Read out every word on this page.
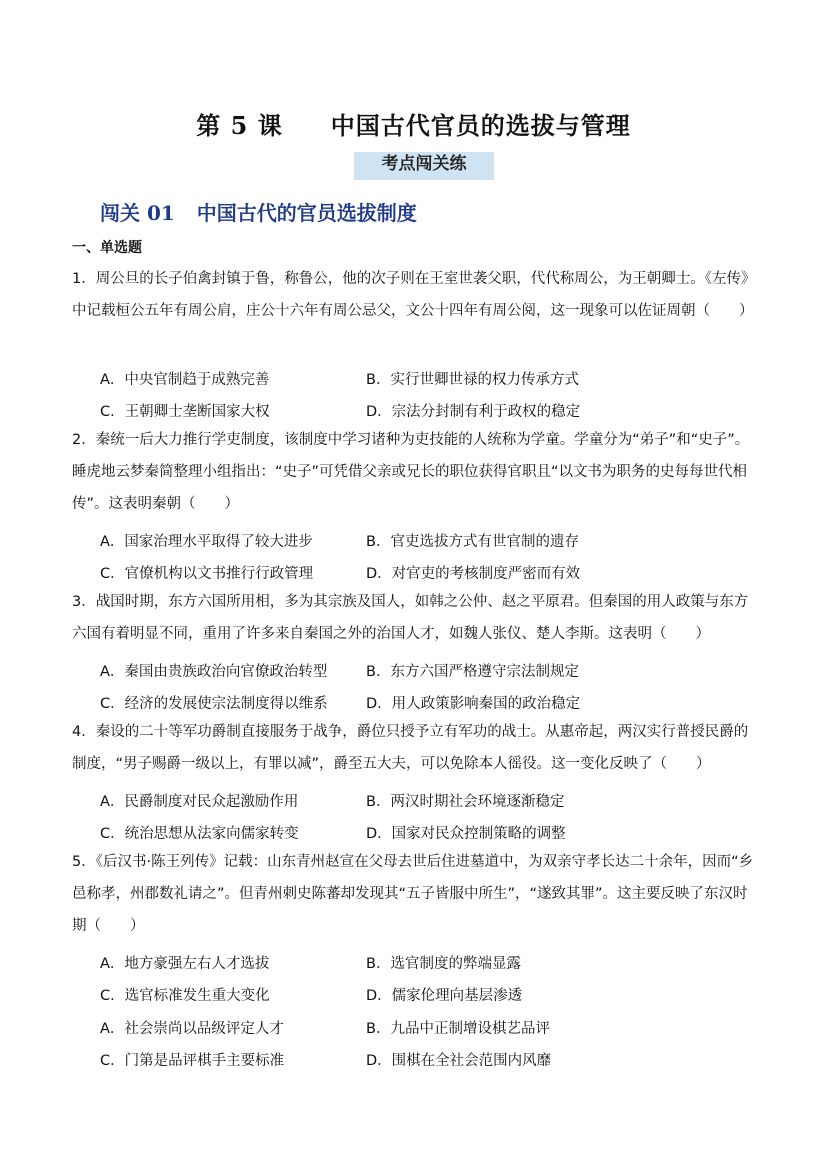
第 5 课 中国古代官员的选拔与管理
考点闯关练
闯关 01 中国古代的官员选拔制度
一、单选题
1．周公旦的长子伯禽封镇于鲁，称鲁公，他的次子则在王室世袭父职，代代称周公，为王朝卿士。《左传》中记载桓公五年有周公肩，庄公十六年有周公忌父，文公十四年有周公阅，这一现象可以佐证周朝（　　）
A．中央官制趋于成熟完善	B．实行世卿世禄的权力传承方式
C．王朝卿士垄断国家大权	D．宗法分封制有利于政权的稳定
2．秦统一后大力推行学吏制度，该制度中学习诸种为吏技能的人统称为学童。学童分为“弟子”和“史子”。睡虎地云梦秦简整理小组指出：“史子”可凭借父亲或兄长的职位获得官职且“以文书为职务的史每每世代相传”。这表明秦朝（　　）
A．国家治理水平取得了较大进步	B．官吏选拔方式有世官制的遗存
C．官僚机构以文书推行行政管理	D．对官吏的考核制度严密而有效
3．战国时期，东方六国所用相，多为其宗族及国人，如韩之公仲、赵之平原君。但秦国的用人政策与东方六国有着明显不同，重用了许多来自秦国之外的治国人才，如魏人张仪、楚人李斯。这表明（　　）
A．秦国由贵族政治向官僚政治转型	B．东方六国严格遵守宗法制规定
C．经济的发展使宗法制度得以维系	D．用人政策影响秦国的政治稳定
4．秦设的二十等军功爵制直接服务于战争，爵位只授予立有军功的战士。从惠帝起，两汉实行普授民爵的制度，“男子赐爵一级以上，有罪以减”，爵至五大夫，可以免除本人徭役。这一变化反映了（　　）
A．民爵制度对民众起激励作用	B．两汉时期社会环境逐渐稳定
C．统治思想从法家向儒家转变	D．国家对民众控制策略的调整
5．《后汉书·陈王列传》记载：山东青州赵宣在父母去世后住进墓道中，为双亲守孝长达二十余年，因而“乡邑称孝，州郡数礼请之”。但青州刺史陈蕃却发现其“五子皆服中所生”，“遂致其罪”。这主要反映了东汉时期（　　）
A．地方豪强左右人才选拔	B．选官制度的弊端显露
C．选官标准发生重大变化	D．儒家伦理向基层渗透
A．社会崇尚以品级评定人才	B．九品中正制增设棋艺品评
C．门第是品评棋手主要标准	D．围棋在全社会范围内风靡
